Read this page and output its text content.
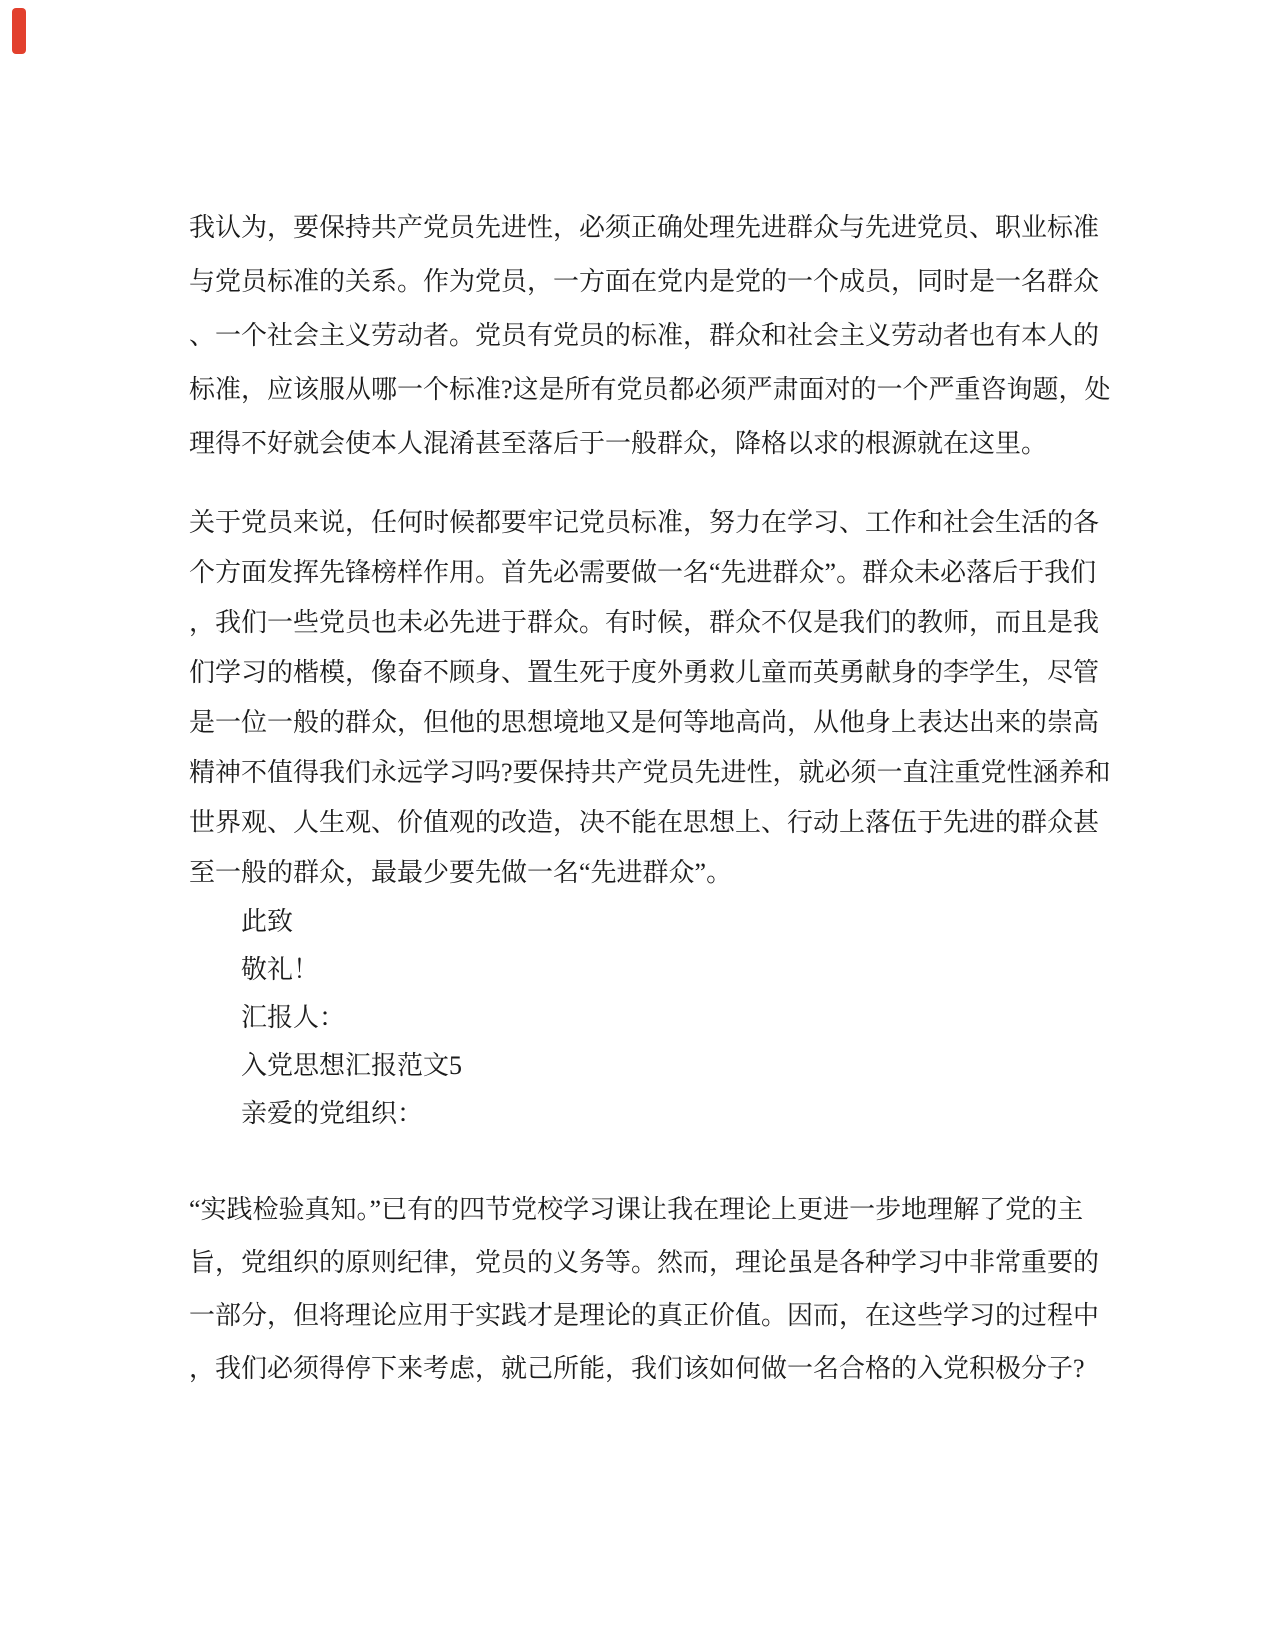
我认为，要保持共产党员先进性，必须正确处理先进群众与先进党员、职业标准
与党员标准的关系。作为党员，一方面在党内是党的一个成员，同时是一名群众
、一个社会主义劳动者。党员有党员的标准，群众和社会主义劳动者也有本人的
标准，应该服从哪一个标准?这是所有党员都必须严肃面对的一个严重咨询题，处
理得不好就会使本人混淆甚至落后于一般群众，降格以求的根源就在这里。
关于党员来说，任何时候都要牢记党员标准，努力在学习、工作和社会生活的各
个方面发挥先锋榜样作用。首先必需要做一名“先进群众”。群众未必落后于我们
，我们一些党员也未必先进于群众。有时候，群众不仅是我们的教师，而且是我
们学习的楷模，像奋不顾身、置生死于度外勇救儿童而英勇献身的李学生，尽管
是一位一般的群众，但他的思想境地又是何等地高尚，从他身上表达出来的崇高
精神不值得我们永远学习吗?要保持共产党员先进性，就必须一直注重党性涵养和
世界观、人生观、价值观的改造，决不能在思想上、行动上落伍于先进的群众甚
至一般的群众，最最少要先做一名“先进群众”。
此致
敬礼！
汇报人：
入党思想汇报范文5
亲爱的党组织：
“实践检验真知。”已有的四节党校学习课让我在理论上更进一步地理解了党的主
旨，党组织的原则纪律，党员的义务等。然而，理论虽是各种学习中非常重要的
一部分，但将理论应用于实践才是理论的真正价值。因而，在这些学习的过程中
，我们必须得停下来考虑，就己所能，我们该如何做一名合格的入党积极分子?
